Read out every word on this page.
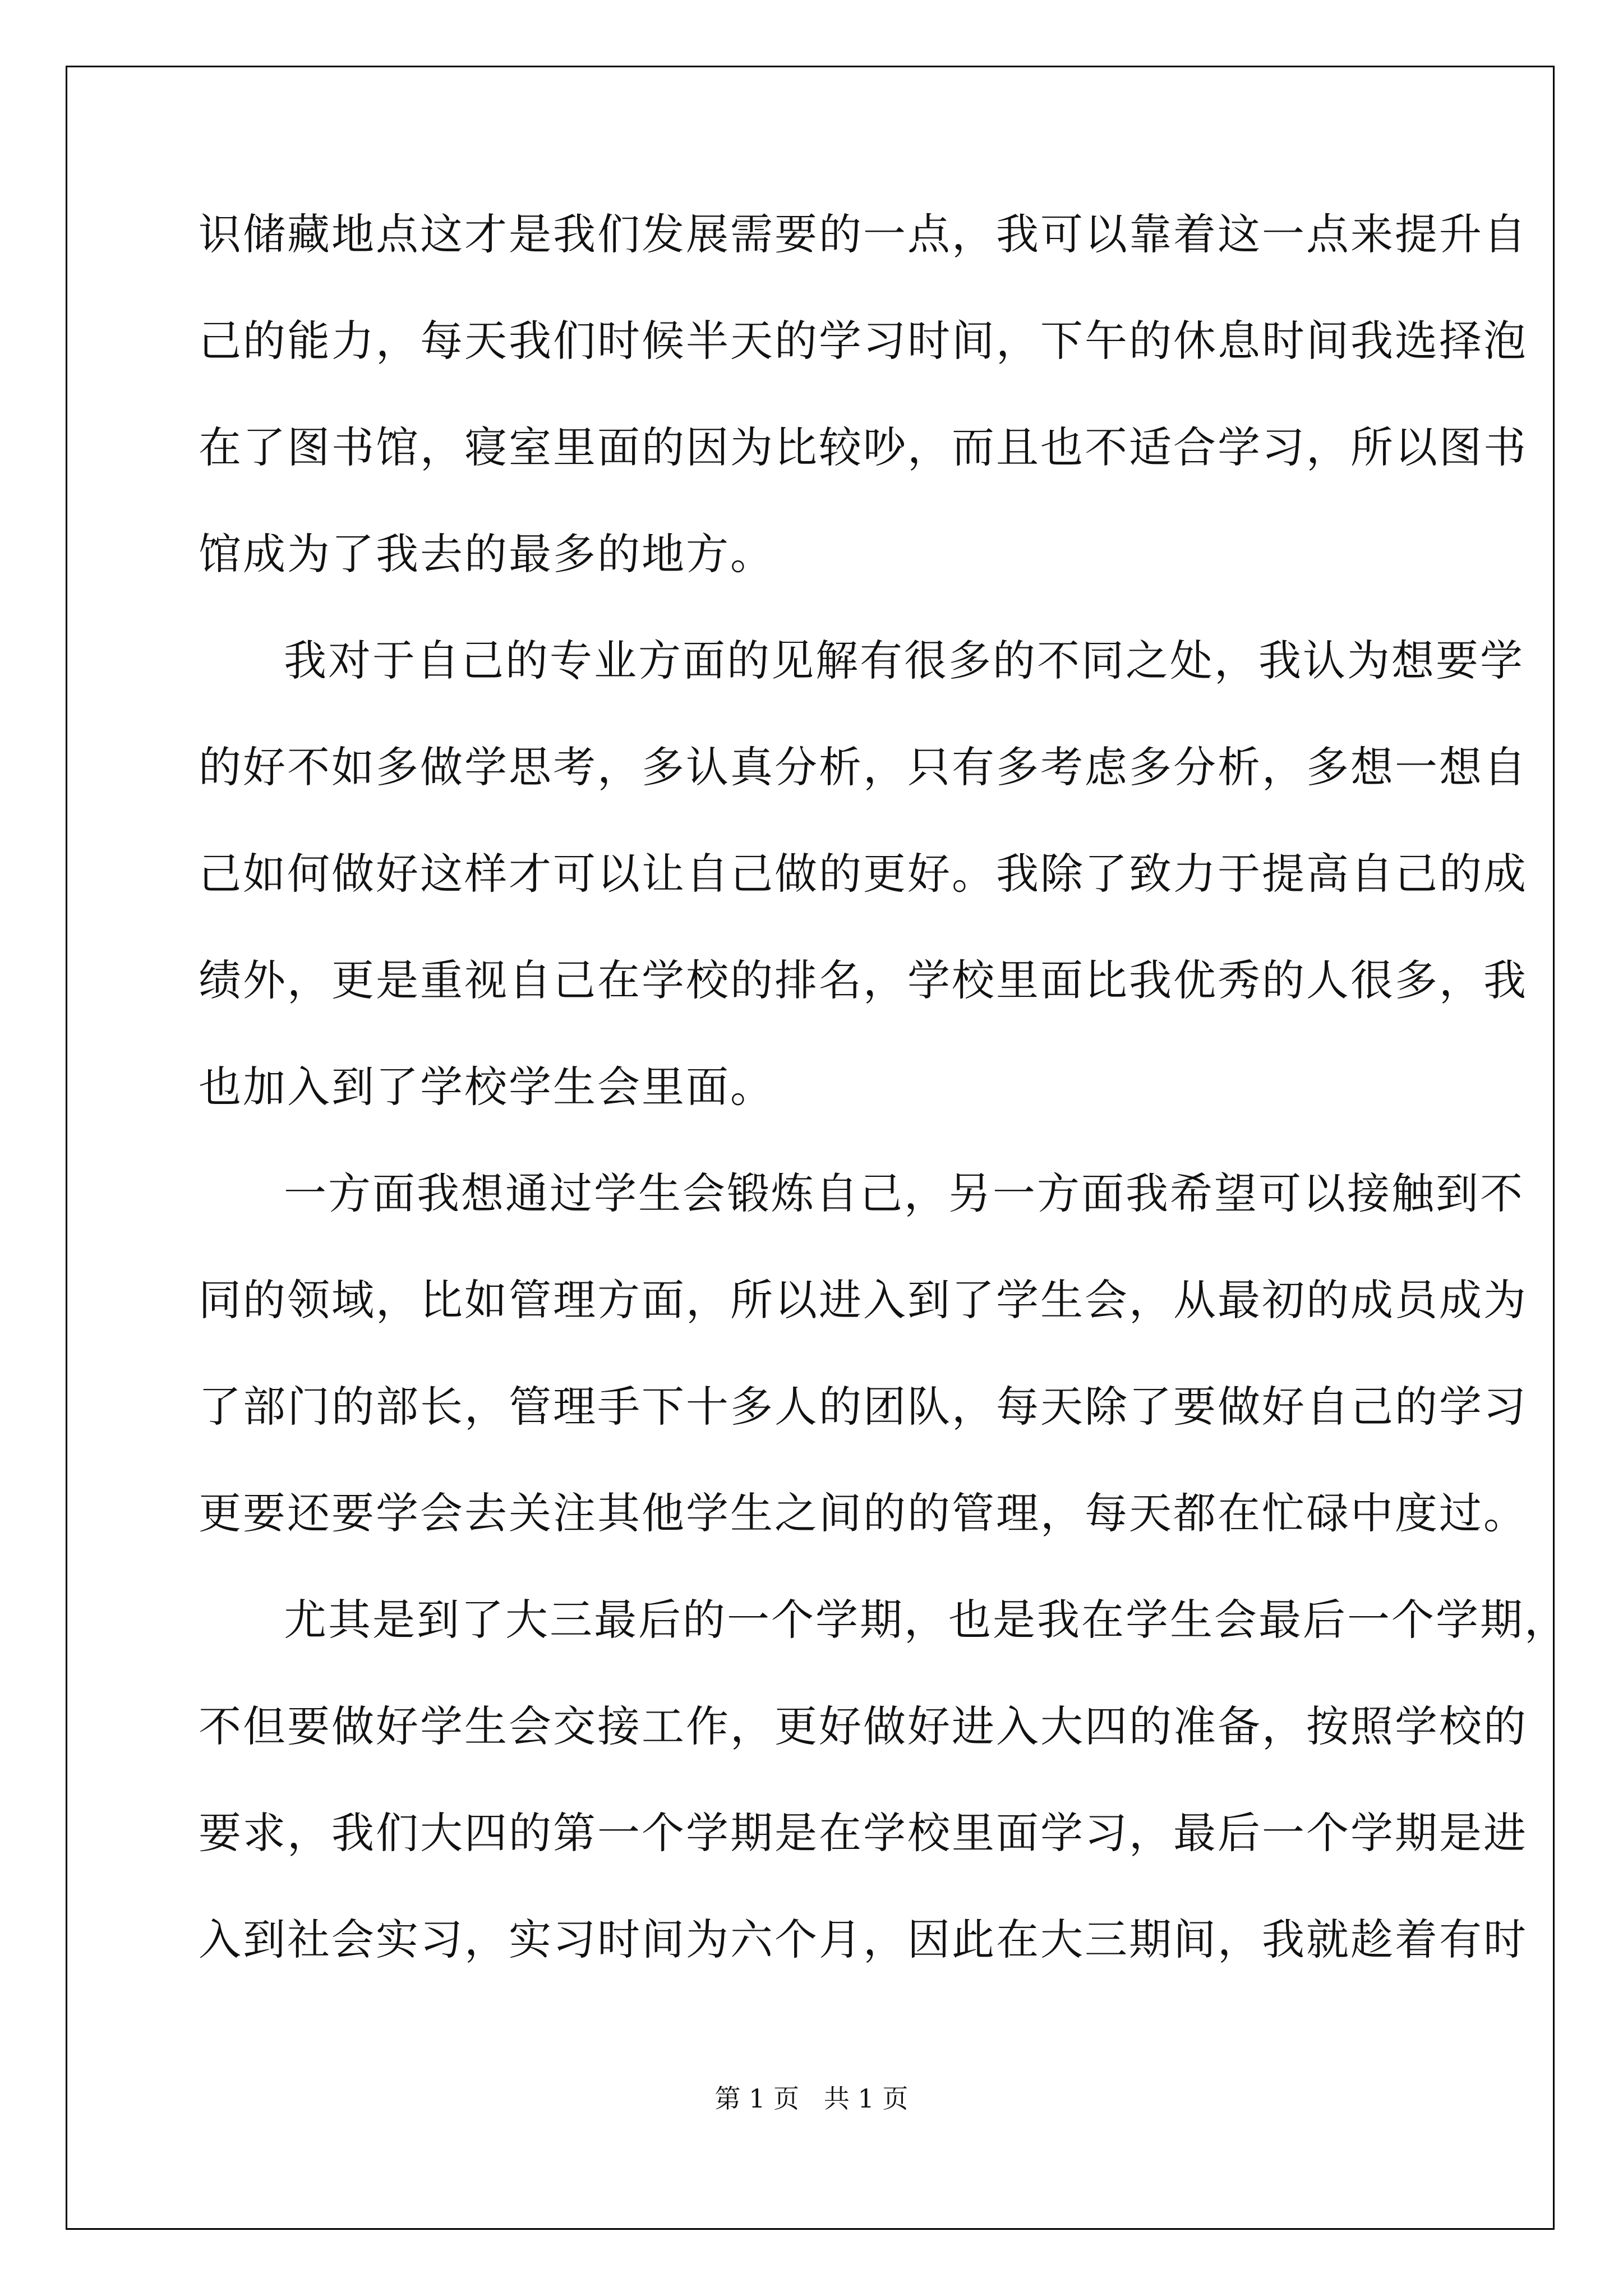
识储藏地点这才是我们发展需要的一点，我可以靠着这一点来提升自
己的能力，每天我们时候半天的学习时间，下午的休息时间我选择泡
在了图书馆，寝室里面的因为比较吵，而且也不适合学习，所以图书
馆成为了我去的最多的地方。
我对于自己的专业方面的见解有很多的不同之处，我认为想要学
的好不如多做学思考，多认真分析，只有多考虑多分析，多想一想自
己如何做好这样才可以让自己做的更好。我除了致力于提高自己的成
绩外，更是重视自己在学校的排名，学校里面比我优秀的人很多，我
也加入到了学校学生会里面。
一方面我想通过学生会锻炼自己，另一方面我希望可以接触到不
同的领域，比如管理方面，所以进入到了学生会，从最初的成员成为
了部门的部长，管理手下十多人的团队，每天除了要做好自己的学习
更要还要学会去关注其他学生之间的的管理，每天都在忙碌中度过。
尤其是到了大三最后的一个学期，也是我在学生会最后一个学期，
不但要做好学生会交接工作，更好做好进入大四的准备，按照学校的
要求，我们大四的第一个学期是在学校里面学习，最后一个学期是进
入到社会实习，实习时间为六个月，因此在大三期间，我就趁着有时
第 1 页   共 1 页
